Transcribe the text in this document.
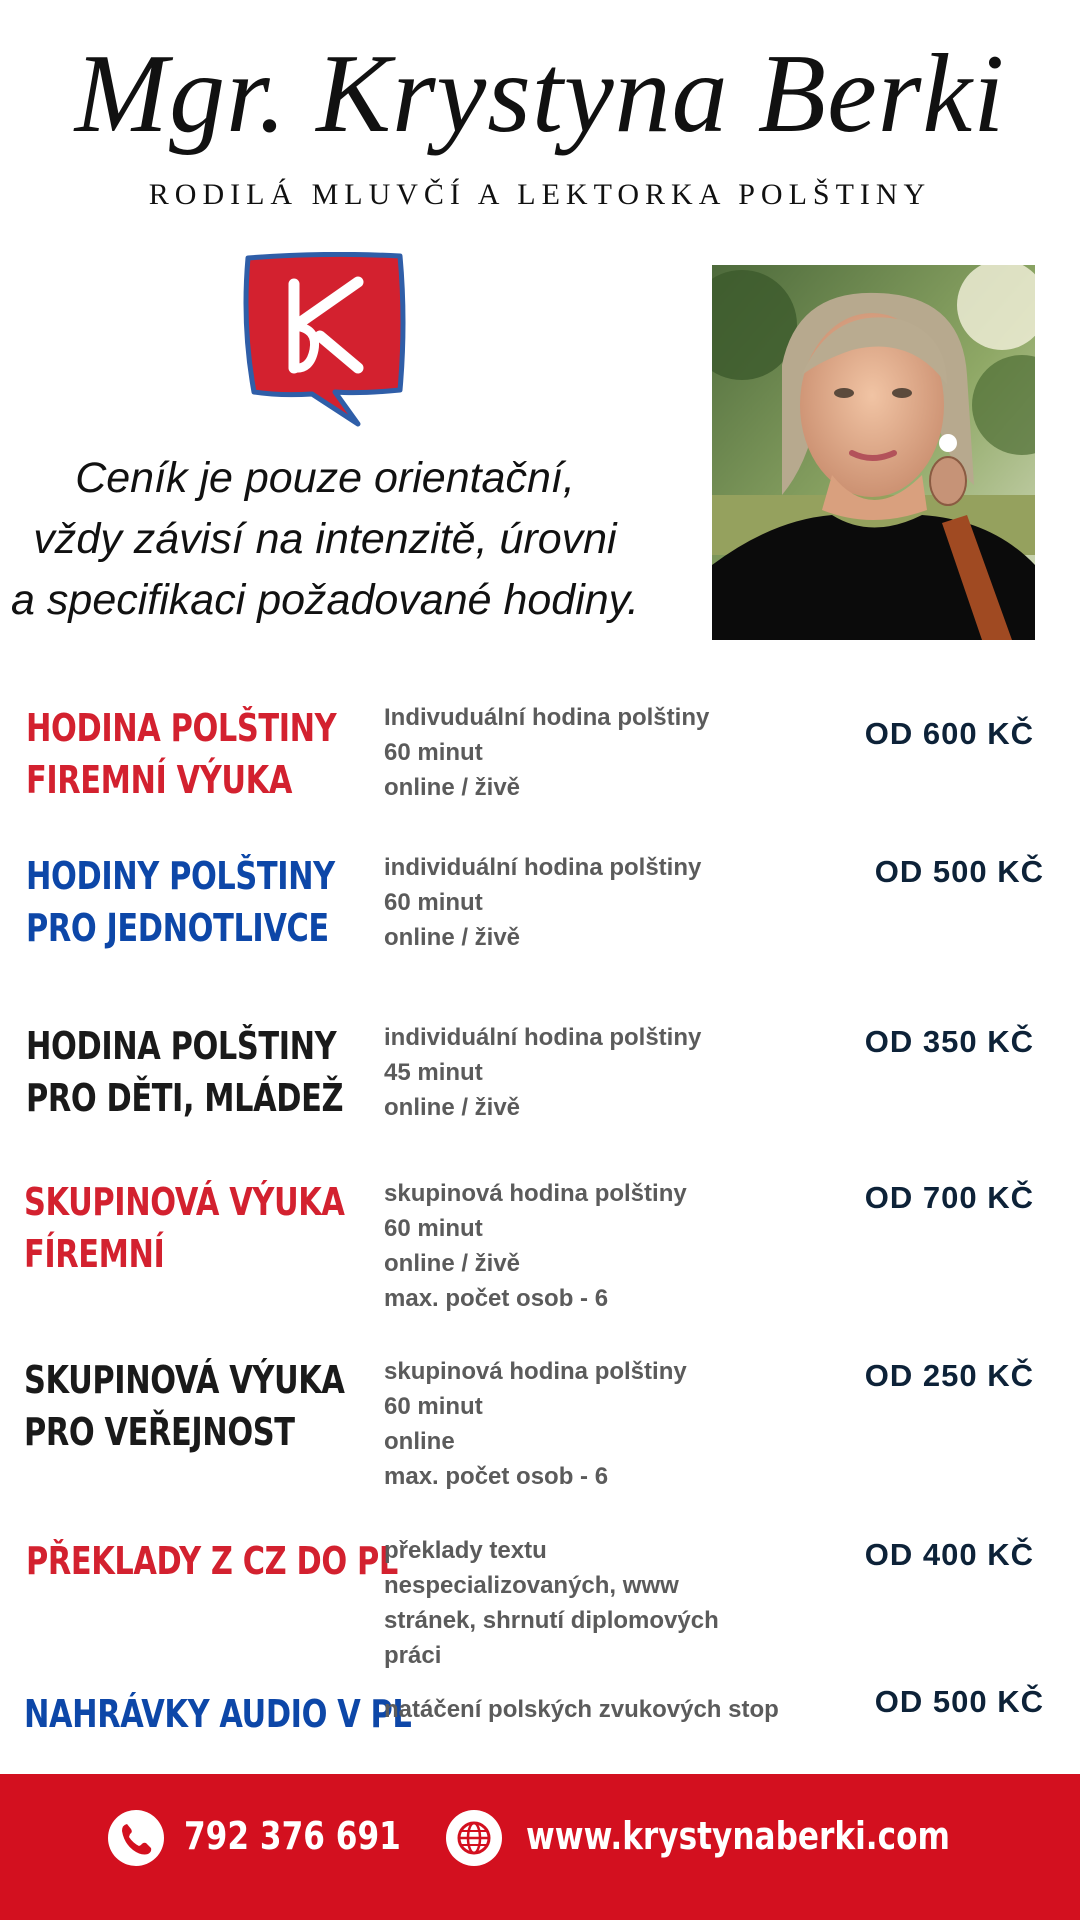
Mgr. Krystyna Berki
RODILÁ MLUVČÍ A LEKTORKA POLŠTINY
Ceník je pouze orientační,
vždy závisí na intenzitě, úrovni
a specifikaci požadované hodiny.
HODINA POLŠTINY
FIREMNÍ VÝUKA
Indivuduální hodina polštiny
60 minut
online / živě
OD 600 KČ
HODINY POLŠTINY
PRO JEDNOTLIVCE
individuální hodina polštiny
60 minut
online / živě
OD 500 KČ
HODINA POLŠTINY
PRO DĚTI, MLÁDEŽ
individuální hodina polštiny
45 minut
online / živě
OD 350 KČ
SKUPINOVÁ VÝUKA
FÍREMNÍ
skupinová hodina polštiny
60 minut
online / živě
max. počet osob - 6
OD 700 KČ
SKUPINOVÁ VÝUKA
PRO VEŘEJNOST
skupinová hodina polštiny
60 minut
online
max. počet osob - 6
OD 250 KČ
PŘEKLADY Z CZ DO PL
překlady textu
nespecializovaných, www
stránek, shrnutí diplomových
práci
OD 400 KČ
NAHRÁVKY AUDIO V PL
natáčení polských zvukových stop	OD 500 KČ
792 376 691	www.krystynaberki.com
